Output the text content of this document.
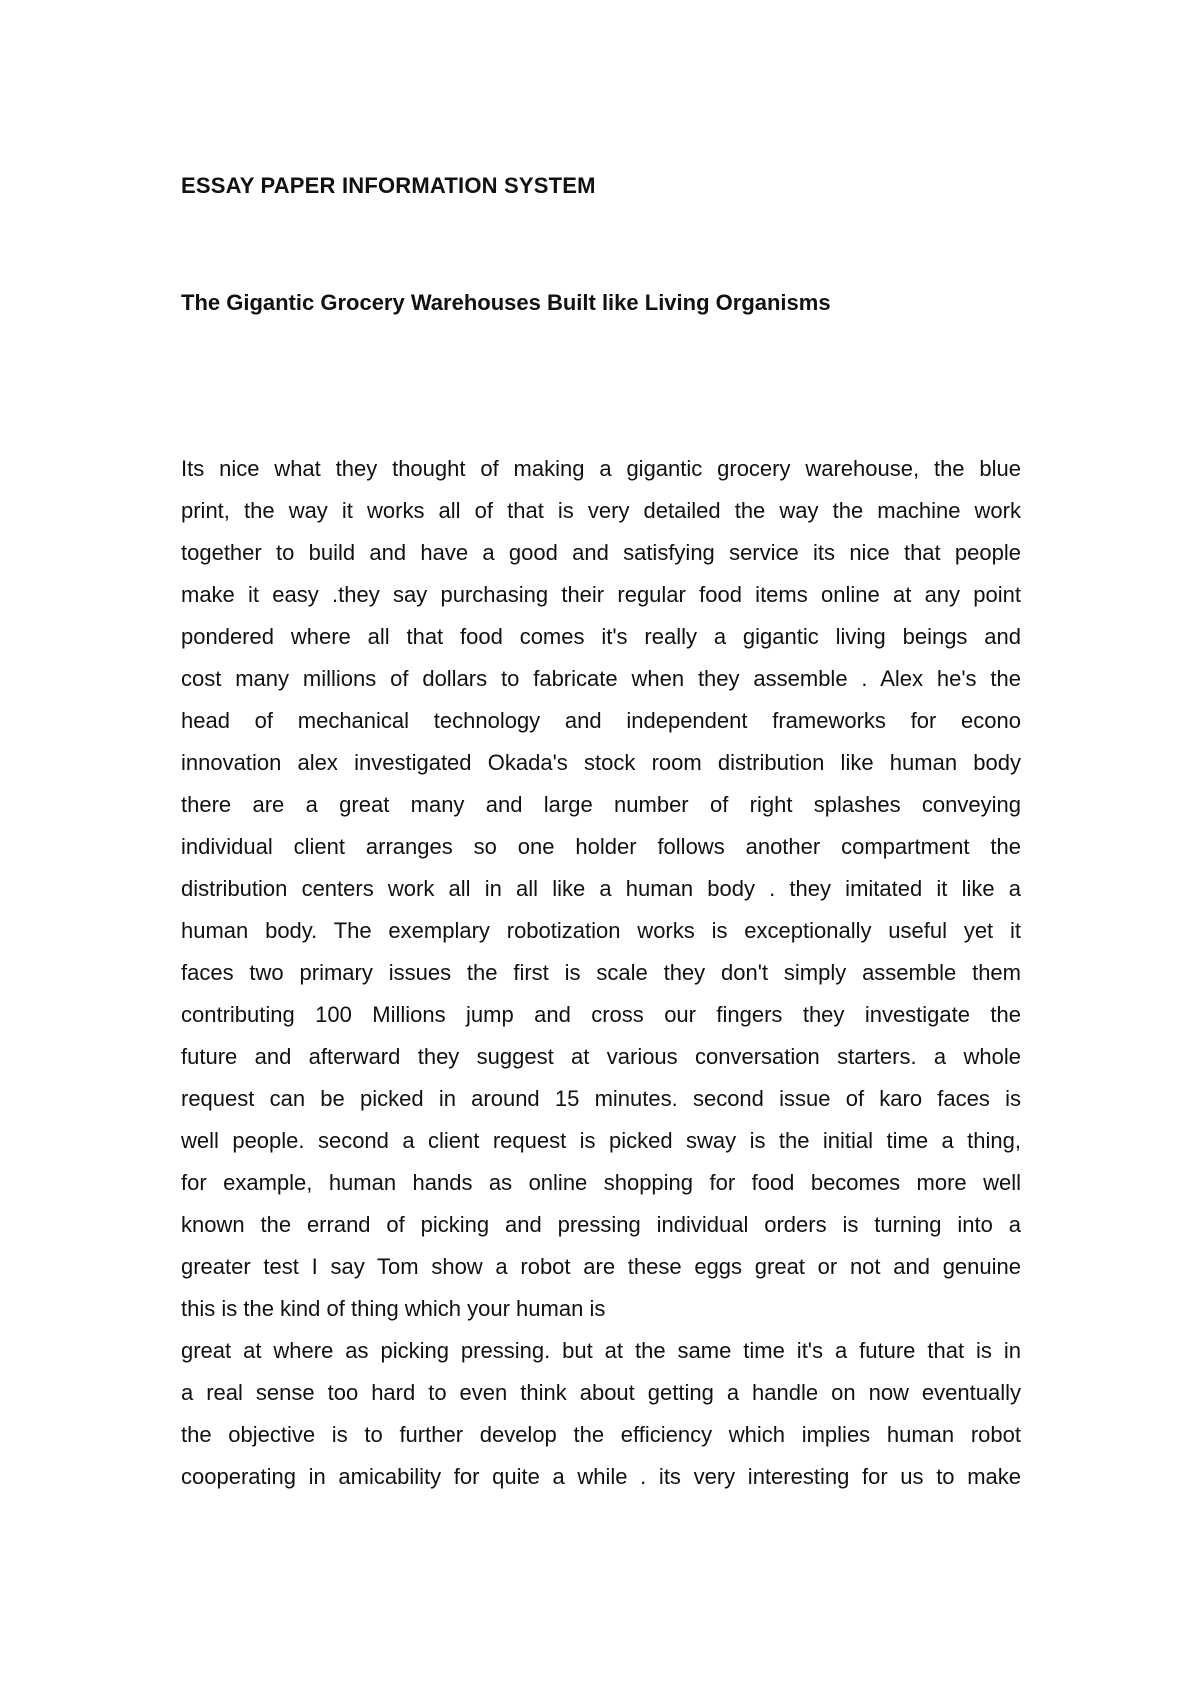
ESSAY PAPER INFORMATION SYSTEM
The Gigantic Grocery Warehouses Built like Living Organisms
Its nice what they thought of making a gigantic grocery warehouse, the blue
print, the way it works all of that is very detailed the way the machine work
together to build and have a good and satisfying service its nice that people
make it easy .they say purchasing their regular food items online at any point
pondered where all that food comes it's really a gigantic living beings and
cost many millions of dollars to fabricate when they assemble . Alex he's the
head of mechanical technology and independent frameworks for econo
innovation alex investigated Okada's stock room distribution like human body
there are a great many and large number of right splashes conveying
individual client arranges so one holder follows another compartment the
distribution centers work all in all like a human body . they imitated it like a
human body. The exemplary robotization works is exceptionally useful yet it
faces two primary issues the first is scale they don't simply assemble them
contributing 100 Millions jump and cross our fingers they investigate the
future and afterward they suggest at various conversation starters. a whole
request can be picked in around 15 minutes. second issue of karo faces is
well people. second a client request is picked sway is the initial time a thing,
for example, human hands as online shopping for food becomes more well
known the errand of picking and pressing individual orders is turning into a
greater test I say Tom show a robot are these eggs great or not and genuine
this is the kind of thing which your human is
great at where as picking pressing. but at the same time it's a future that is in
a real sense too hard to even think about getting a handle on now eventually
the objective is to further develop the efficiency which implies human robot
cooperating in amicability for quite a while . its very interesting for us to make
